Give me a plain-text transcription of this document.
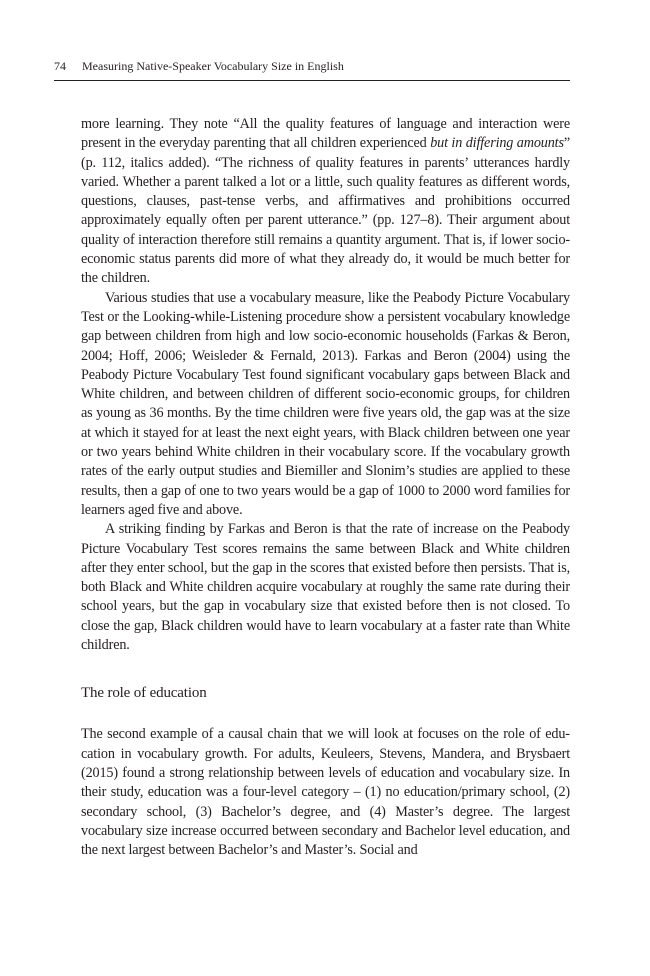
74 Measuring Native-Speaker Vocabulary Size in English

more learning. They note “All the quality features of language and interaction were present in the everyday parenting that all children experienced but in differing amounts” (p. 112, italics added). “The richness of quality features in parents’ utterances hardly varied. Whether a parent talked a lot or a little, such quality features as different words, questions, clauses, past-tense verbs, and affirmatives and prohibitions occurred approximately equally often per parent utterance.” (pp. 127–8). Their argument about quality of interaction therefore still remains a quantity argument. That is, if lower socio-economic status parents did more of what they already do, it would be much better for the children.

Various studies that use a vocabulary measure, like the Peabody Picture Vocabulary Test or the Looking-while-Listening procedure show a persistent vocabulary knowledge gap between children from high and low socio-economic households (Farkas & Beron, 2004; Hoff, 2006; Weisleder & Fernald, 2013). Farkas and Beron (2004) using the Peabody Picture Vocabulary Test found significant vocabulary gaps between Black and White children, and between children of different socio-economic groups, for children as young as 36 months. By the time children were five years old, the gap was at the size at which it stayed for at least the next eight years, with Black children between one year or two years behind White children in their vocabulary score. If the vocabulary growth rates of the early output studies and Biemiller and Slonim’s studies are applied to these results, then a gap of one to two years would be a gap of 1000 to 2000 word families for learners aged five and above.

A striking finding by Farkas and Beron is that the rate of increase on the Peabody Picture Vocabulary Test scores remains the same between Black and White children after they enter school, but the gap in the scores that existed before then persists. That is, both Black and White children acquire vocabulary at roughly the same rate during their school years, but the gap in vocabulary size that existed before then is not closed. To close the gap, Black children would have to learn vocabulary at a faster rate than White children.

The role of education

The second example of a causal chain that we will look at focuses on the role of education in vocabulary growth. For adults, Keuleers, Stevens, Mandera, and Brysbaert (2015) found a strong relationship between levels of education and vocabulary size. In their study, education was a four-level category – (1) no education/primary school, (2) secondary school, (3) Bachelor’s degree, and (4) Master’s degree. The largest vocabulary size increase occurred between secondary and Bachelor level education, and the next largest between Bachelor’s and Master’s. Social and
